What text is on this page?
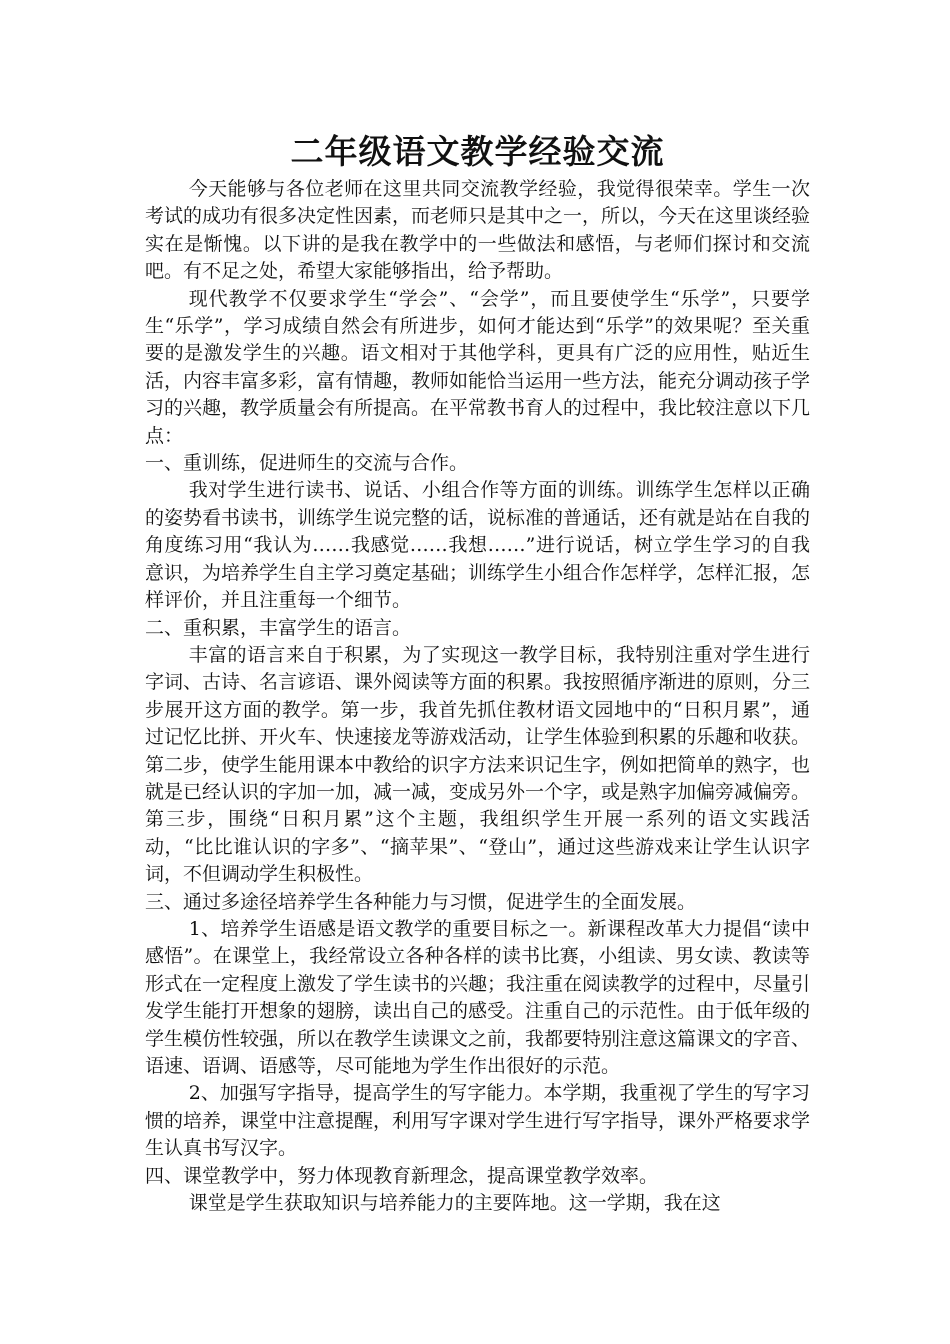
二年级语文教学经验交流

今天能够与各位老师在这里共同交流教学经验，我觉得很荣幸。学生一次考试的成功有很多决定性因素，而老师只是其中之一，所以，今天在这里谈经验实在是惭愧。以下讲的是我在教学中的一些做法和感悟，与老师们探讨和交流吧。有不足之处，希望大家能够指出，给予帮助。

现代教学不仅要求学生“学会”、“会学”，而且要使学生“乐学”，只要学生“乐学”，学习成绩自然会有所进步，如何才能达到“乐学”的效果呢？至关重要的是激发学生的兴趣。语文相对于其他学科，更具有广泛的应用性，贴近生活，内容丰富多彩，富有情趣，教师如能恰当运用一些方法，能充分调动孩子学习的兴趣，教学质量会有所提高。在平常教书育人的过程中，我比较注意以下几点：

一、重训练，促进师生的交流与合作。

我对学生进行读书、说话、小组合作等方面的训练。训练学生怎样以正确的姿势看书读书，训练学生说完整的话，说标准的普通话，还有就是站在自我的角度练习用“我认为……我感觉……我想……”进行说话，树立学生学习的自我意识，为培养学生自主学习奠定基础；训练学生小组合作怎样学，怎样汇报，怎样评价，并且注重每一个细节。

二、重积累，丰富学生的语言。

丰富的语言来自于积累，为了实现这一教学目标，我特别注重对学生进行字词、古诗、名言谚语、课外阅读等方面的积累。我按照循序渐进的原则，分三步展开这方面的教学。第一步，我首先抓住教材语文园地中的“日积月累”，通过记忆比拼、开火车、快速接龙等游戏活动，让学生体验到积累的乐趣和收获。第二步，使学生能用课本中教给的识字方法来识记生字，例如把简单的熟字，也就是已经认识的字加一加，减一减，变成另外一个字，或是熟字加偏旁减偏旁。第三步，围绕“日积月累”这个主题，我组织学生开展一系列的语文实践活动，“比比谁认识的字多”、“摘苹果”、“登山”，通过这些游戏来让学生认识字词，不但调动学生积极性。

三、通过多途径培养学生各种能力与习惯，促进学生的全面发展。

1、培养学生语感是语文教学的重要目标之一。新课程改革大力提倡“读中感悟”。在课堂上，我经常设立各种各样的读书比赛，小组读、男女读、教读等形式在一定程度上激发了学生读书的兴趣；我注重在阅读教学的过程中，尽量引发学生能打开想象的翅膀，读出自己的感受。注重自己的示范性。由于低年级的学生模仿性较强，所以在教学生读课文之前，我都要特别注意这篇课文的字音、语速、语调、语感等，尽可能地为学生作出很好的示范。

2、加强写字指导，提高学生的写字能力。本学期，我重视了学生的写字习惯的培养，课堂中注意提醒，利用写字课对学生进行写字指导，课外严格要求学生认真书写汉字。

四、课堂教学中，努力体现教育新理念，提高课堂教学效率。

课堂是学生获取知识与培养能力的主要阵地。这一学期，我在这
